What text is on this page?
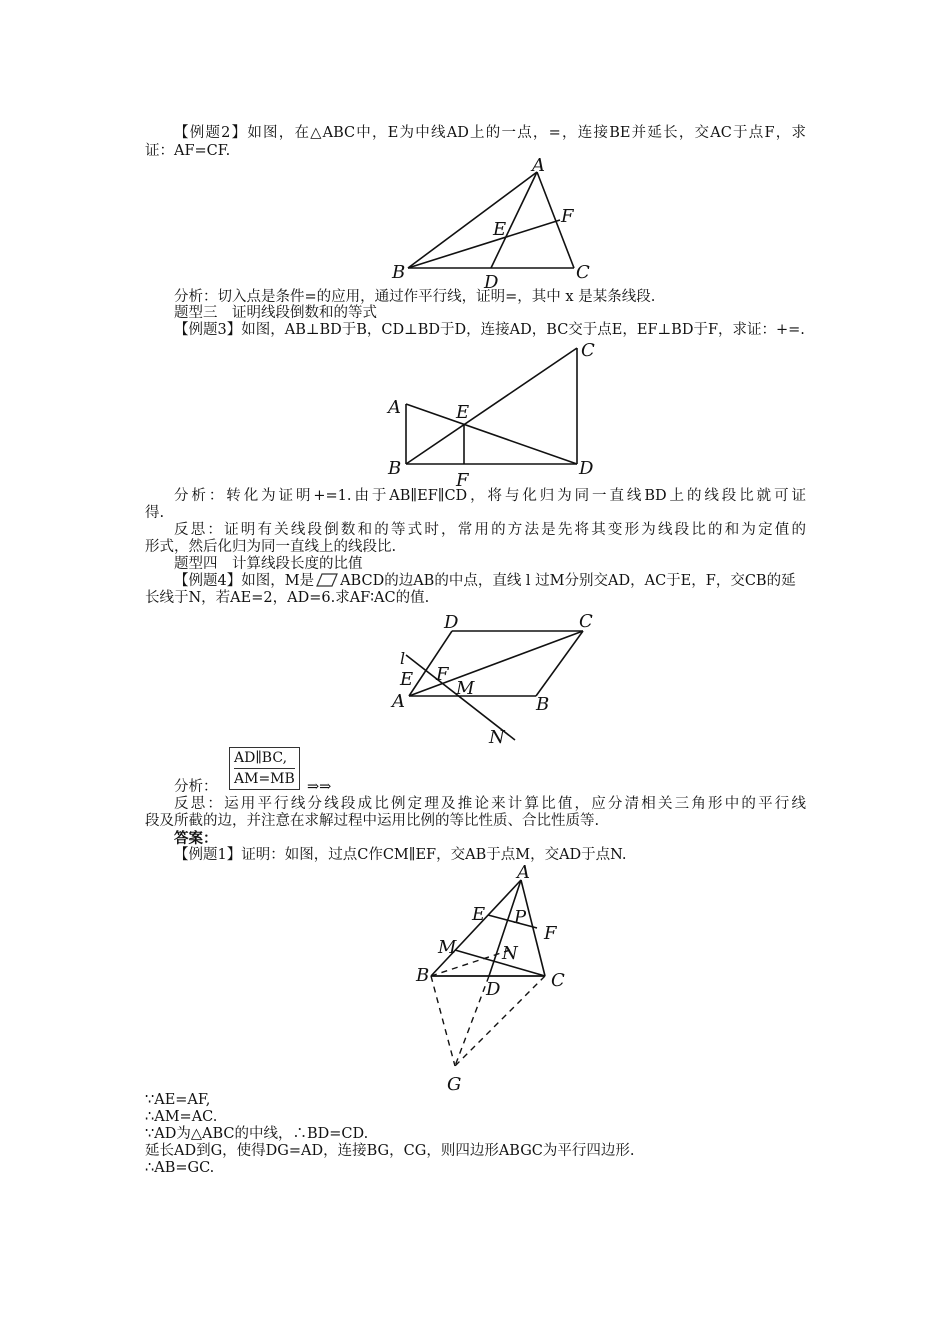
【例题2】如图，在△ABC中，E为中线AD上的一点，=，连接BE并延长，交AC于点F，求
证：AF=CF.
A
B	C
D
E
F
分析：切入点是条件=的应用，通过作平行线，证明=，其中 x 是某条线段.
题型三　证明线段倒数和的等式
【例题3】如图，AB⊥BD于B，CD⊥BD于D，连接AD，BC交于点E，EF⊥BD于F，求证：+=.
A
B
C
D
E
F
分析：转化为证明+=1.由于AB∥EF∥CD，将与化归为同一直线BD上的线段比就可证
得.
反思：证明有关线段倒数和的等式时，常用的方法是先将其变形为线段比的和为定值的
形式，然后化归为同一直线上的线段比.
题型四　计算线段长度的比值
【例题4】如图，M是 ABCD的边AB的中点，直线 l 过M分别交AD，AC于E，F，交CB的延
长线于N，若AE=2，AD=6.求AF∶AC的值.
l
D	C
E F
M
A	B
N
分析：
AD∥BC,
AM=MB ⇒⇒
反思：运用平行线分线段成比例定理及推论来计算比值，应分清相关三角形中的平行线
段及所截的边，并注意在求解过程中运用比例的等比性质、合比性质等.
答案：
【例题1】证明：如图，过点C作CM∥EF，交AB于点M，交AD于点N.
A
E P
F
M	N
B
D	C
G
∵AE=AF,
∴AM=AC.
∵AD为△ABC的中线，∴BD=CD.
延长AD到G，使得DG=AD，连接BG，CG，则四边形ABGC为平行四边形.
∴AB=GC.
